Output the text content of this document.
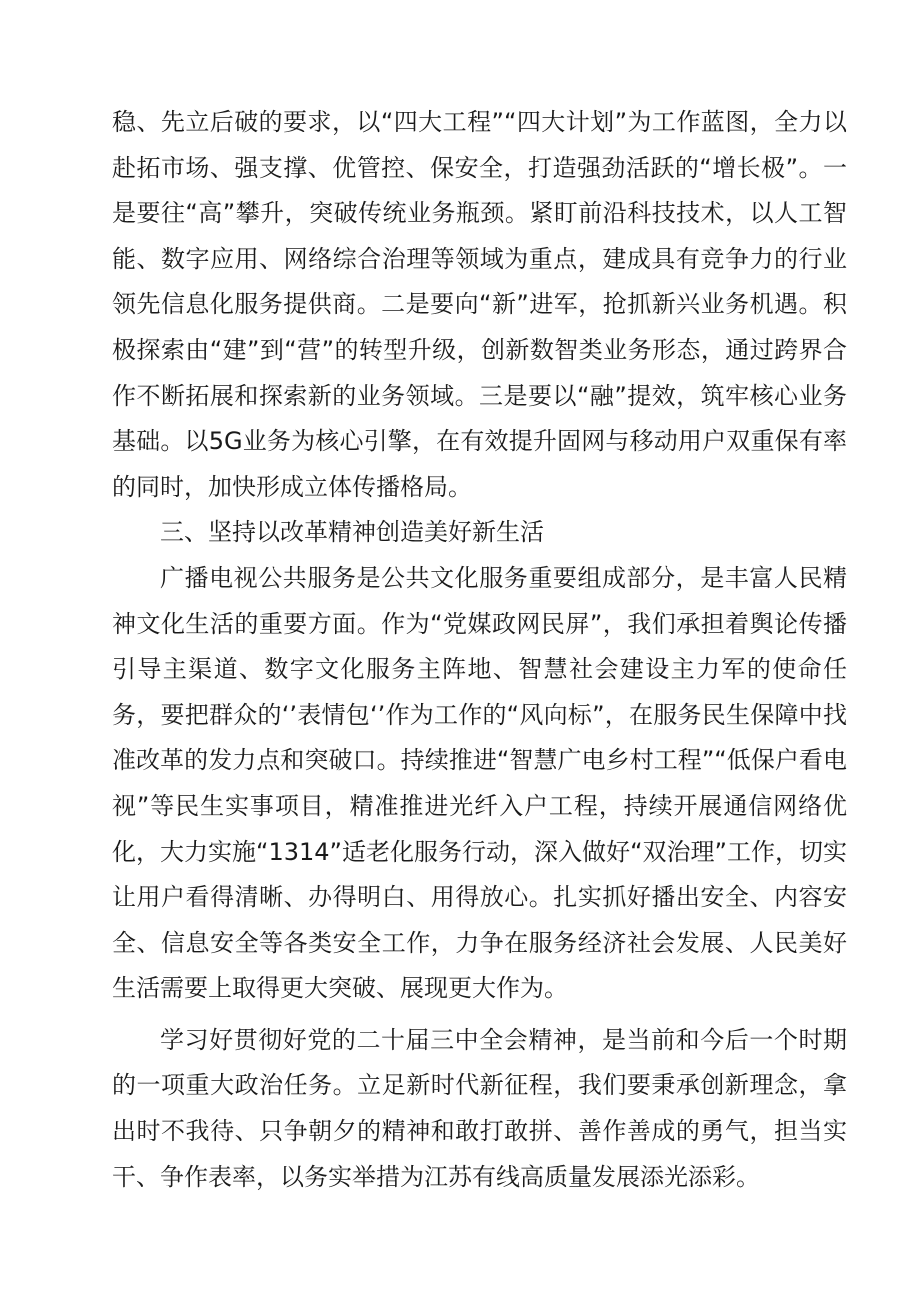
稳、先立后破的要求，以“四大工程”“四大计划”为工作蓝图，全力以赴拓市场、强支撑、优管控、保安全，打造强劲活跃的“增长极”。一是要往“高”攀升，突破传统业务瓶颈。紧盯前沿科技技术，以人工智能、数字应用、网络综合治理等领域为重点，建成具有竞争力的行业领先信息化服务提供商。二是要向“新”进军，抢抓新兴业务机遇。积极探索由“建”到“营”的转型升级，创新数智类业务形态，通过跨界合作不断拓展和探索新的业务领域。三是要以“融”提效，筑牢核心业务基础。以5G业务为核心引擎，在有效提升固网与移动用户双重保有率的同时，加快形成立体传播格局。

三、坚持以改革精神创造美好新生活

广播电视公共服务是公共文化服务重要组成部分，是丰富人民精神文化生活的重要方面。作为“党媒政网民屏”，我们承担着舆论传播引导主渠道、数字文化服务主阵地、智慧社会建设主力军的使命任务，要把群众的‘’表情包‘’作为工作的“风向标”，在服务民生保障中找准改革的发力点和突破口。持续推进“智慧广电乡村工程”“低保户看电视”等民生实事项目，精准推进光纤入户工程，持续开展通信网络优化，大力实施“1314”适老化服务行动，深入做好“双治理”工作，切实让用户看得清晰、办得明白、用得放心。扎实抓好播出安全、内容安全、信息安全等各类安全工作，力争在服务经济社会发展、人民美好生活需要上取得更大突破、展现更大作为。

学习好贯彻好党的二十届三中全会精神，是当前和今后一个时期的一项重大政治任务。立足新时代新征程，我们要秉承创新理念，拿出时不我待、只争朝夕的精神和敢打敢拼、善作善成的勇气，担当实干、争作表率，以务实举措为江苏有线高质量发展添光添彩。
